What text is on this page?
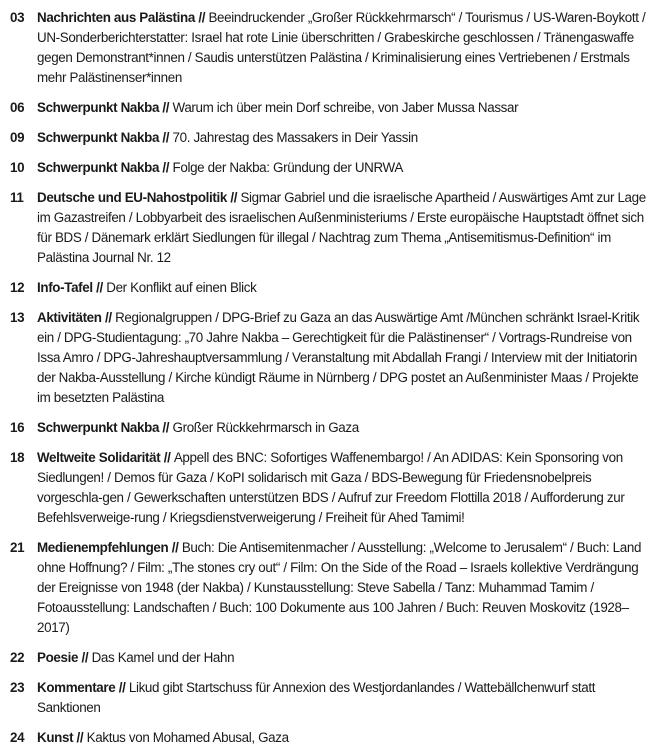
03 Nachrichten aus Palästina // Beeindruckender „Großer Rückkehrmarsch“ / Tourismus / US-Waren-Boykott / UN-Sonderberichterstatter: Israel hat rote Linie überschritten / Grabeskirche geschlossen / Tränengaswaffe gegen Demonstrant*innen / Saudis unterstützen Palästina / Kriminalisierung eines Vertriebenen / Erstmals mehr Palästinenser*innen
06 Schwerpunkt Nakba // Warum ich über mein Dorf schreibe, von Jaber Mussa Nassar
09 Schwerpunkt Nakba // 70. Jahrestag des Massakers in Deir Yassin
10 Schwerpunkt Nakba // Folge der Nakba: Gründung der UNRWA
11	Deutsche und EU-Nahostpolitik // Sigmar Gabriel und die israelische Apartheid / Auswärtiges Amt zur Lage im Gazastreifen / Lobbyarbeit des israelischen Außenministeriums / Erste europäische Hauptstadt öffnet sich für BDS / Dänemark erklärt Siedlungen für illegal / Nachtrag zum Thema „Antisemitismus-Definition“ im Palästina Journal Nr. 12
12 Info-Tafel // Der Konflikt auf einen Blick
13 Aktivitäten // Regionalgruppen / DPG-Brief zu Gaza an das Auswärtige Amt /München schränkt Israel-Kritik ein / DPG-Studientagung: „70 Jahre Nakba – Gerechtigkeit für die Palästinenser“ / Vortrags-Rundreise von Issa Amro / DPG-Jahreshauptversammlung / Veranstaltung mit Abdallah Frangi / Interview mit der Initiatorin der Nakba-Ausstellung / Kirche kündigt Räume in Nürnberg / DPG postet an Außenminister Maas / Projekte im besetzten Palästina
16 Schwerpunkt Nakba // Großer Rückkehrmarsch in Gaza
18 Weltweite Solidarität // Appell des BNC: Sofortiges Waffenembargo! / An ADIDAS: Kein Sponsoring von Siedlungen! / Demos für Gaza / KoPI solidarisch mit Gaza / BDS-Bewegung für Friedensnobelpreis vorgeschla-gen / Gewerkschaften unterstützen BDS / Aufruf zur Freedom Flottilla 2018 / Aufforderung zur Befehlsverweige-rung / Kriegsdienstverweigerung / Freiheit für Ahed Tamimi!
21 Medienempfehlungen // Buch: Die Antisemitenmacher / Ausstellung: „Welcome to Jerusalem“ / Buch: Land ohne Hoffnung? / Film: „The stones cry out“ / Film: On the Side of the Road – Israels kollektive Verdrängung der Ereignisse von 1948 (der Nakba) / Kunstausstellung: Steve Sabella / Tanz: Muhammad Tamim / Fotoausstellung: Landschaften / Buch: 100 Dokumente aus 100 Jahren / Buch: Reuven Moskovitz (1928–2017)
22 Poesie // Das Kamel und der Hahn
23 Kommentare // Likud gibt Startschuss für Annexion des Westjordanlandes / Wattebällchenwurf statt Sanktionen
24 Kunst // Kaktus von Mohamed Abusal, Gaza
